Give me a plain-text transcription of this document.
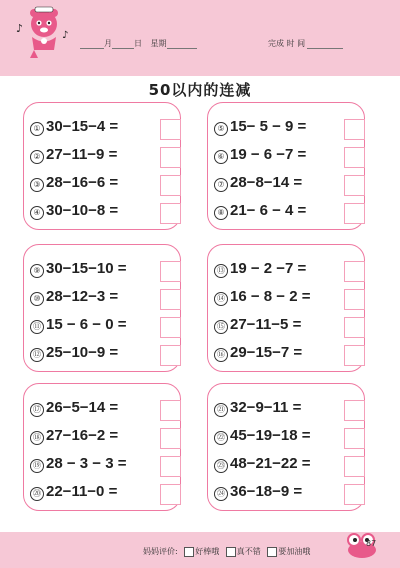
♪
♪
月	日 星期	完成 时 间
50以内的连减
① 30−15−4 =
② 27−11−9 =
③ 28−16−6 =
④ 30−10−8 =
⑤ 15− 5 − 9 =
⑥ 19 − 6 −7 =
⑦ 28−8−14 =
⑧ 21− 6 − 4 =
⑨ 30−15−10 =
⑩ 28−12−3 =
⑪ 15 − 6 − 0 =
⑫ 25−10−9 =
⑬ 19 − 2 −7 =
⑭ 16 − 8 − 2 =
⑮ 27−11−5 =
⑯ 29−15−7 =
⑰ 26−5−14 =
⑱ 27−16−2 =
⑲ 28 − 3 − 3 =
⑳ 22−11−0 =
㉑ 32−9−11 =
㉒ 45−19−18 =
㉓ 48−21−22 =
㉔ 36−18−9 =
妈妈评价: 好棒哦 真不错 要加油哦
87
